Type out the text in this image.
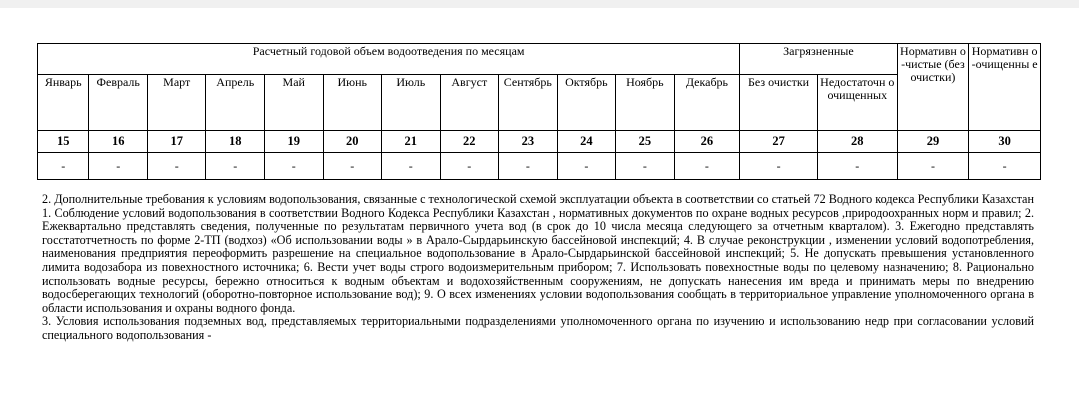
Расчетный годовой объем водоотведения по месяцам												Загрязненные		Нормативн о-чистые (без очистки)	Нормативн о -очищенны е
Январь	Февраль	Март	Апрель	Май	Июнь	Июль	Август	Сентябрь	Октябрь	Ноябрь	Декабрь	Без очистки	Недостаточн о очищенных		
15	16	17	18	19	20	21	22	23	24	25	26	27	28	29	30
-	-	-	-	-	-	-	-	-	-	-	-	-	-	-	-

2. Дополнительные требования к условиям водопользования, связанные с технологической схемой эксплуатации объекта в соответствии со статьей 72 Водного кодекса Республики Казахстан 1. Соблюдение условий водопользования в соответствии Водного Кодекса Республики Казахстан , нормативных документов по охране водных ресурсов ,природоохранных норм и правил; 2. Ежеквартально представлять сведения, полученные по результатам первичного учета вод (в срок до 10 числа месяца следующего за отчетным кварталом). 3. Ежегодно представлять госстатотчетность по форме 2-ТП (водхоз) «Об использовании воды » в Арало-Сырдарьинскую бассейновой инспекций; 4. В случае реконструкции , изменении условий водопотребления, наименования предприятия переоформить разрешение на специальное водопользование в Арало-Сырдарьинской бассейновой инспекций; 5. Не допускать превышения установленного лимита водозабора из повехностного источника; 6. Вести учет воды строго водоизмерительным прибором; 7. Использовать повехностные воды по целевому назначению; 8. Рационально использовать водные ресурсы, бережно относиться к водным объектам и водохозяйственным сооружениям, не допускать нанесения им вреда и принимать меры по внедрению водосберегающих технологий (оборотно-повторное использование вод); 9. О всех изменениях условии водопользования сообщать в территориальное управление уполномоченного органа в области использования и охраны водного фонда.

3. Условия использования подземных вод, представляемых территориальными подразделениями уполномоченного органа по изучению и использованию недр при согласовании условий специального водопользования -
